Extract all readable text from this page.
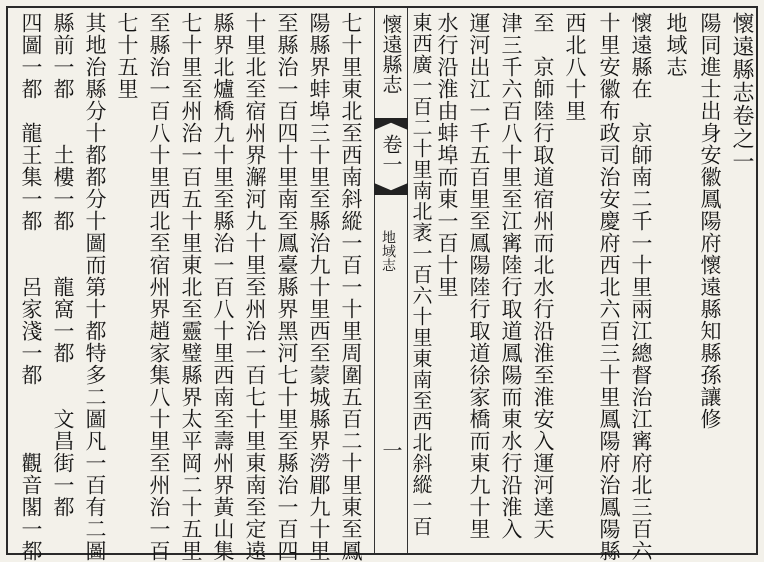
懷遠縣志卷之一
陽同進士出身安徽鳳陽府懷遠縣知縣孫讓修
地域志
懷遠縣在　京師南二千一十里兩江總督治江寗府北三百六
十里安徽布政司治安慶府西北六百三十里鳳陽府治鳳陽縣
西北八十里
至　京師陸行取道宿州而北水行沿淮至淮安入運河達天
津三千六百八十里至江寗陸行取道鳳陽而東水行沿淮入
運河出江一千五百里至鳳陽陸行取道徐家橋而東九十里
水行沿淮由蚌埠而東一百十里
東西廣一百二十里南北袤一百六十里東南至西北斜縱一百
懷遠縣志
卷一
地域志
一
七十里東北至西南斜縱一百一十里周圍五百二十里東至鳳
陽縣界蚌埠三十里至縣治九十里西至蒙城縣界澇郿九十里
至縣治一百四十里南至鳳臺縣界黑河七十里至縣治一百四
十里北至宿州界澥河九十里至州治一百七十里東南至定遠
縣界北爐橋九十里至縣治一百八十里西南至壽州界黃山集
七十里至州治一百五十里東北至靈璧縣界太平岡二十五里
至縣治一百八十里西北至宿州界趙家集八十里至州治一百
七十五里
其地治縣分十都都分十圖而第十都特多二圖凡一百有二圖
縣前一都　　土樓一都　　龍窩一都　　文昌街一都
四圖一都　龍王集一都　　呂家淺一都　　　觀音閣一都
